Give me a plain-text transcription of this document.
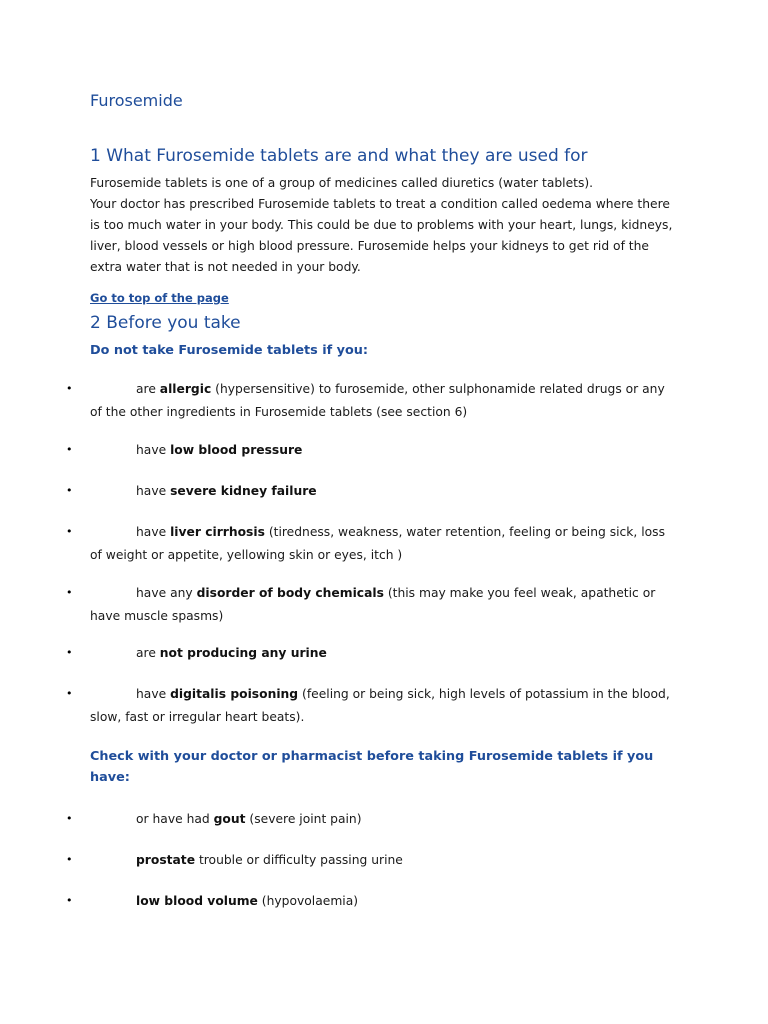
Furosemide
1 What Furosemide tablets are and what they are used for
Furosemide tablets is one of a group of medicines called diuretics (water tablets).
Your doctor has prescribed Furosemide tablets to treat a condition called oedema where there is too much water in your body. This could be due to problems with your heart, lungs, kidneys, liver, blood vessels or high blood pressure. Furosemide helps your kidneys to get rid of the extra water that is not needed in your body.
Go to top of the page
2 Before you take

Do not take Furosemide tablets if you:

•	are allergic (hypersensitive) to furosemide, other sulphonamide related drugs or any of the other ingredients in Furosemide tablets (see section 6)
•	have low blood pressure
•	have severe kidney failure
•	have liver cirrhosis (tiredness, weakness, water retention, feeling or being sick, loss of weight or appetite, yellowing skin or eyes, itch )
•	have any disorder of body chemicals (this may make you feel weak, apathetic or have muscle spasms)
•	are not producing any urine
•	have digitalis poisoning (feeling or being sick, high levels of potassium in the blood, slow, fast or irregular heart beats).

Check with your doctor or pharmacist before taking Furosemide tablets if you have:

•	or have had gout (severe joint pain)
•	prostate trouble or difficulty passing urine
•	low blood volume (hypovolaemia)
